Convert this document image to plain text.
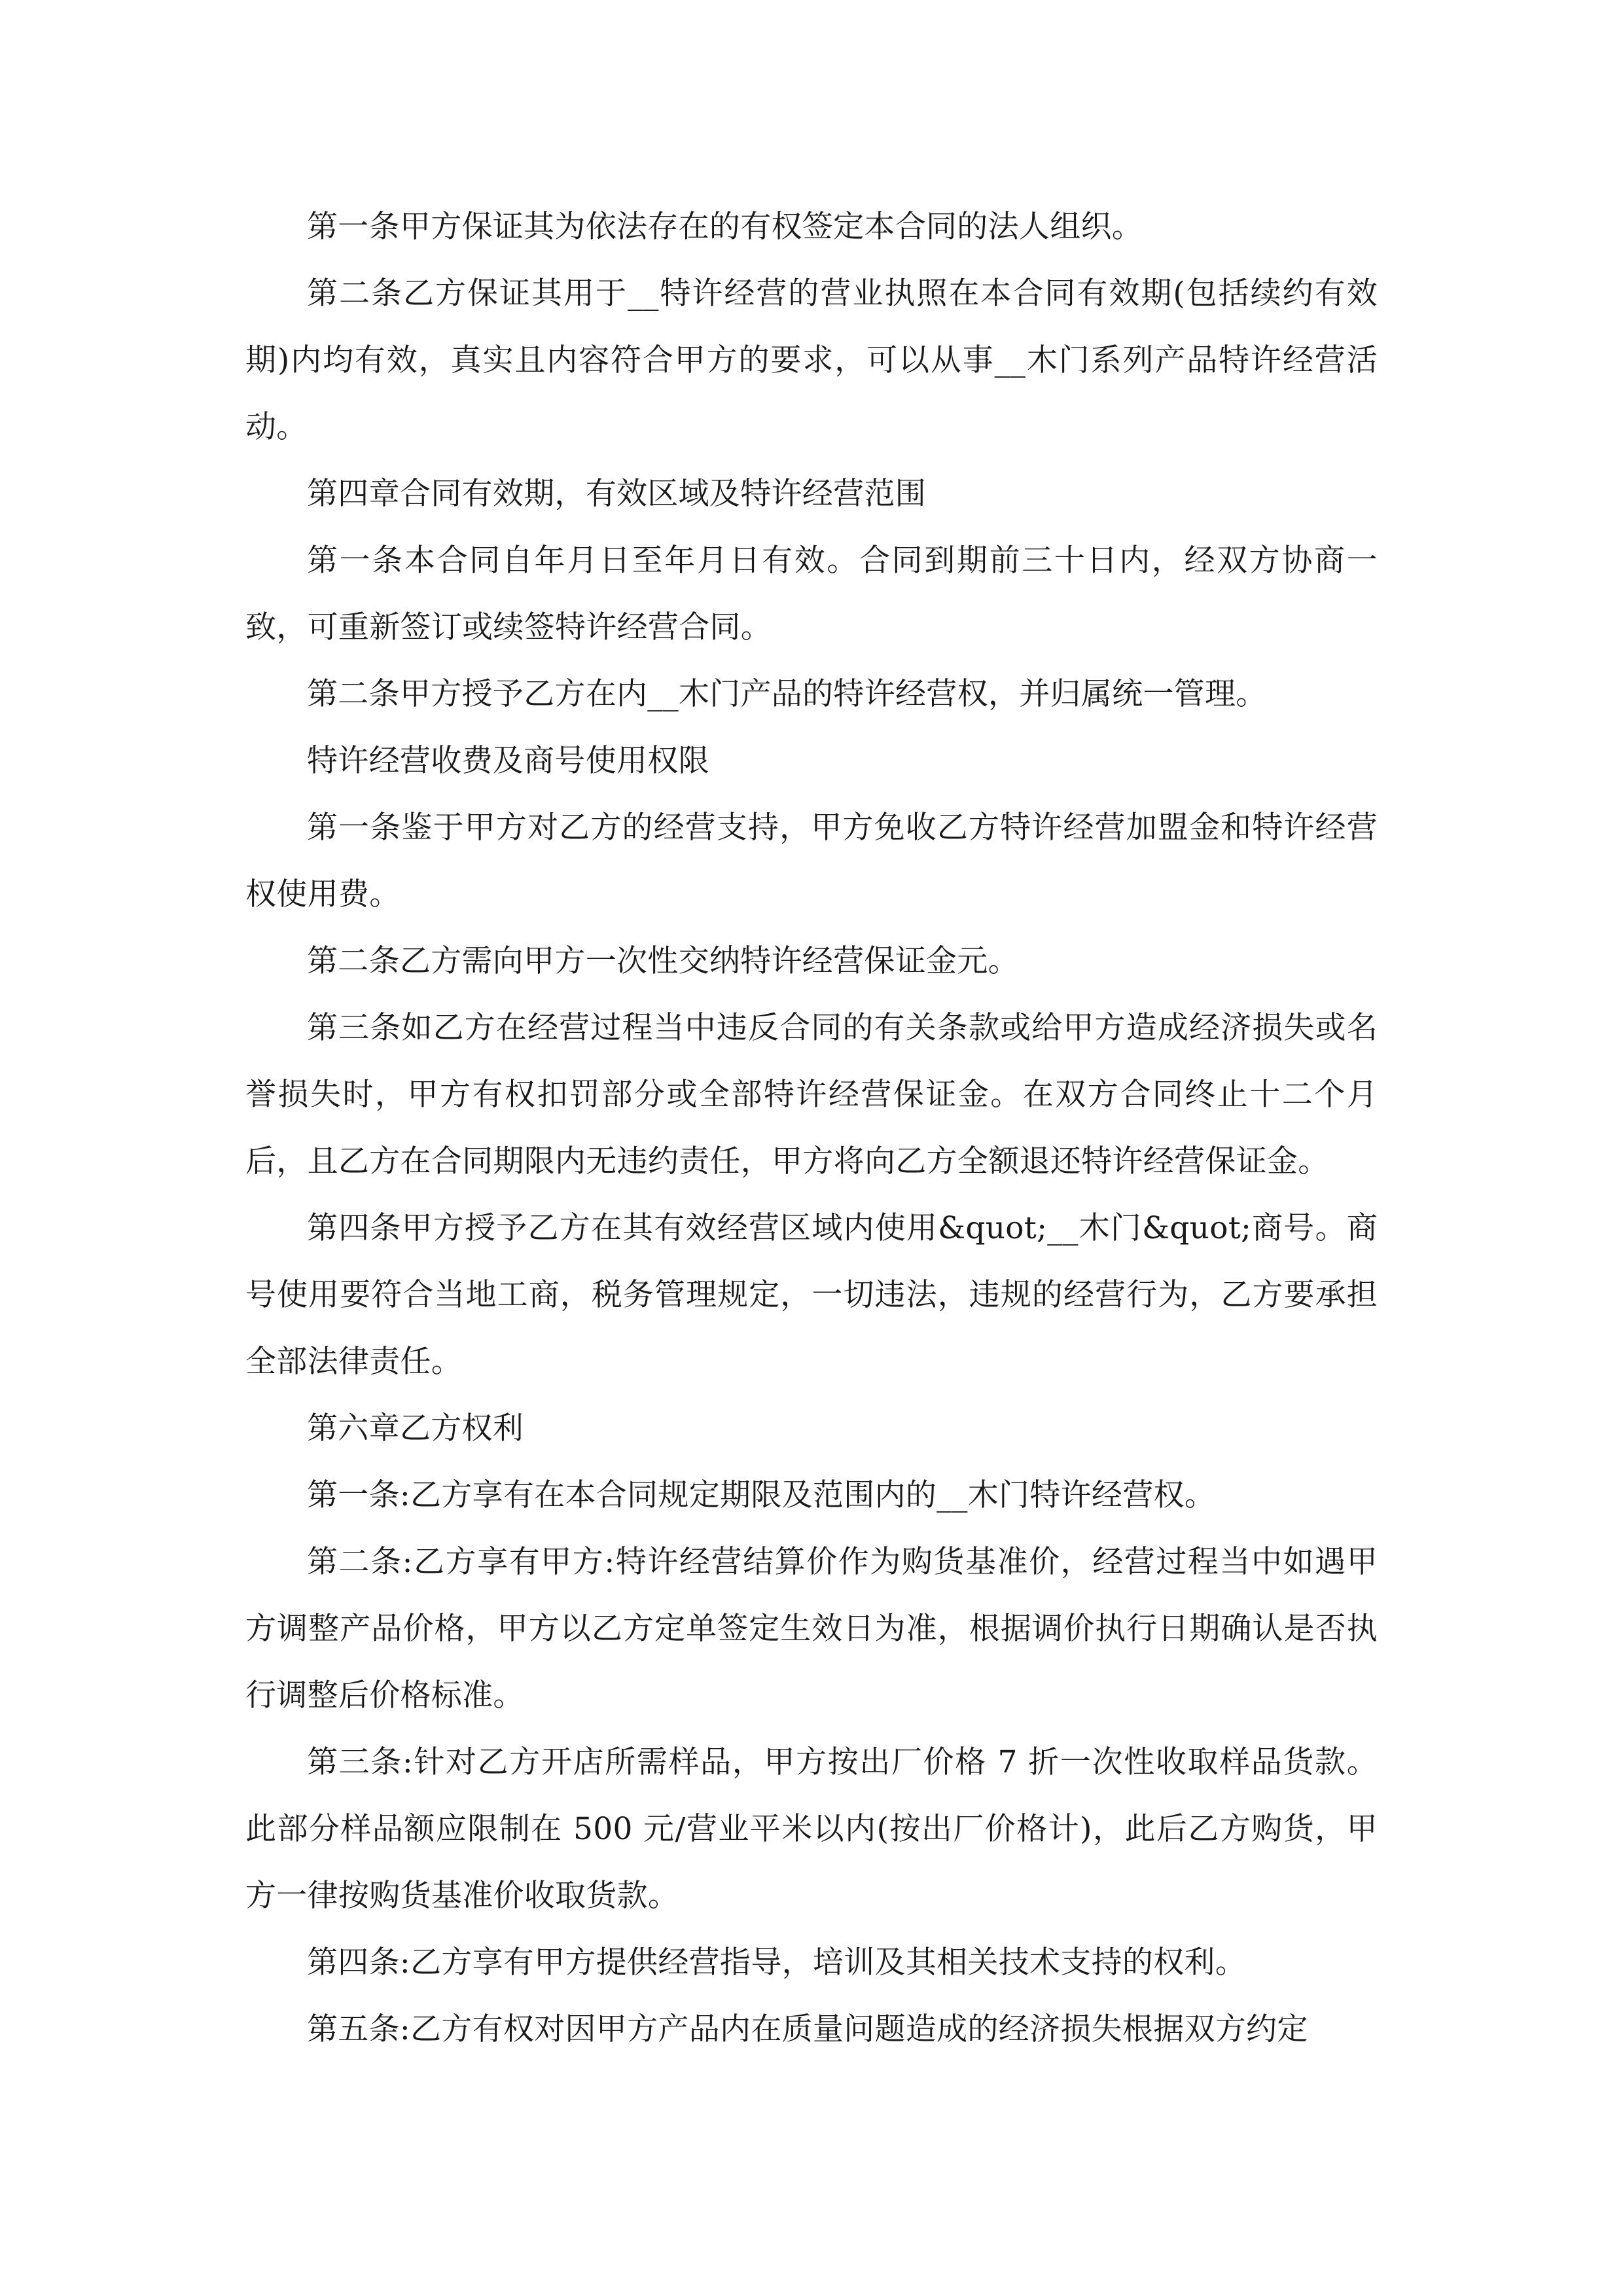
第一条甲方保证其为依法存在的有权签定本合同的法人组织。

第二条乙方保证其用于__特许经营的营业执照在本合同有效期(包括续约有效期)内均有效，真实且内容符合甲方的要求，可以从事__木门系列产品特许经营活动。

第四章合同有效期，有效区域及特许经营范围

第一条本合同自年月日至年月日有效。合同到期前三十日内，经双方协商一致，可重新签订或续签特许经营合同。

第二条甲方授予乙方在内__木门产品的特许经营权，并归属统一管理。

特许经营收费及商号使用权限

第一条鉴于甲方对乙方的经营支持，甲方免收乙方特许经营加盟金和特许经营权使用费。

第二条乙方需向甲方一次性交纳特许经营保证金元。

第三条如乙方在经营过程当中违反合同的有关条款或给甲方造成经济损失或名誉损失时，甲方有权扣罚部分或全部特许经营保证金。在双方合同终止十二个月后，且乙方在合同期限内无违约责任，甲方将向乙方全额退还特许经营保证金。

第四条甲方授予乙方在其有效经营区域内使用&quot;__木门&quot;商号。商号使用要符合当地工商，税务管理规定，一切违法，违规的经营行为，乙方要承担全部法律责任。

第六章乙方权利

第一条:乙方享有在本合同规定期限及范围内的__木门特许经营权。

第二条:乙方享有甲方:特许经营结算价作为购货基准价，经营过程当中如遇甲方调整产品价格，甲方以乙方定单签定生效日为准，根据调价执行日期确认是否执行调整后价格标准。

第三条:针对乙方开店所需样品，甲方按出厂价格 7 折一次性收取样品货款。此部分样品额应限制在 500 元/营业平米以内(按出厂价格计)，此后乙方购货，甲方一律按购货基准价收取货款。

第四条:乙方享有甲方提供经营指导，培训及其相关技术支持的权利。

第五条:乙方有权对因甲方产品内在质量问题造成的经济损失根据双方约定
